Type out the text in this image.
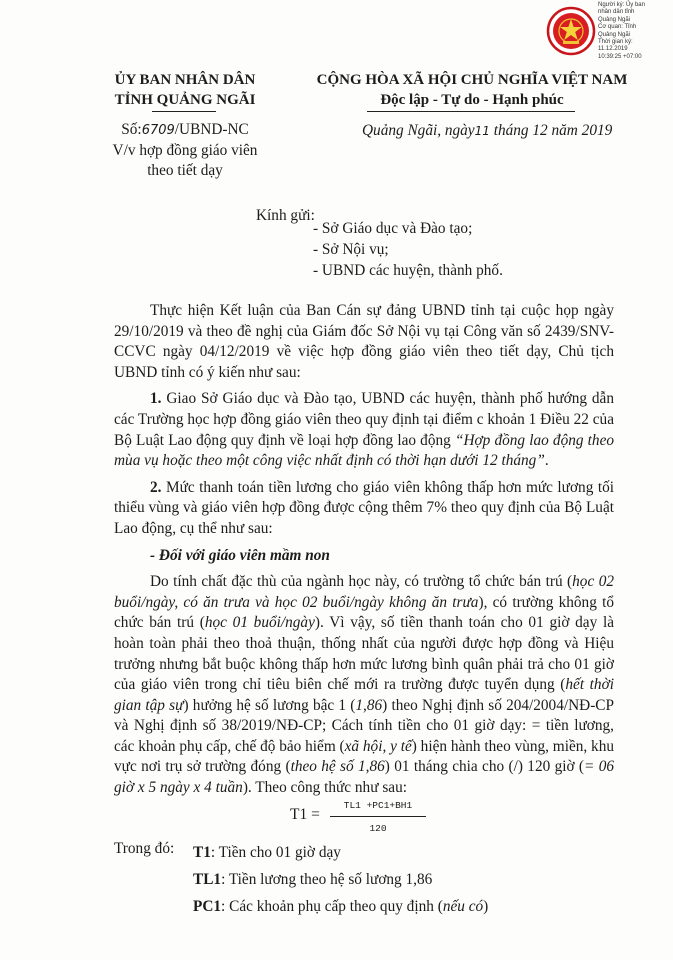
Người ký: Ủy ban
nhân dân tỉnh
Quảng Ngãi
Cơ quan: Tỉnh
Quảng Ngãi
Thời gian ký:
11.12.2019
10:39:25 +07:00
ỦY BAN NHÂN DÂN
TỈNH QUẢNG NGÃI
CỘNG HÒA XÃ HỘI CHỦ NGHĨA VIỆT NAM
Độc lập - Tự do - Hạnh phúc
Số:6709/UBND-NC
V/v hợp đồng giáo viên
theo tiết dạy
Quảng Ngãi, ngày11 tháng 12 năm 2019
Kính gửi:
- Sở Giáo dục và Đào tạo;
- Sở Nội vụ;
- UBND các huyện, thành phố.
Thực hiện Kết luận của Ban Cán sự đảng UBND tỉnh tại cuộc họp ngày 29/10/2019 và theo đề nghị của Giám đốc Sở Nội vụ tại Công văn số 2439/SNV-CCVC ngày 04/12/2019 về việc hợp đồng giáo viên theo tiết dạy, Chủ tịch UBND tỉnh có ý kiến như sau:
1. Giao Sở Giáo dục và Đào tạo, UBND các huyện, thành phố hướng dẫn các Trường học hợp đồng giáo viên theo quy định tại điểm c khoản 1 Điều 22 của Bộ Luật Lao động quy định về loại hợp đồng lao động “Hợp đồng lao động theo mùa vụ hoặc theo một công việc nhất định có thời hạn dưới 12 tháng”.
2. Mức thanh toán tiền lương cho giáo viên không thấp hơn mức lương tối thiểu vùng và giáo viên hợp đồng được cộng thêm 7% theo quy định của Bộ Luật Lao động, cụ thể như sau:
- Đối với giáo viên mầm non
Do tính chất đặc thù của ngành học này, có trường tổ chức bán trú (học 02 buổi/ngày, có ăn trưa và học 02 buổi/ngày không ăn trưa), có trường không tổ chức bán trú (học 01 buổi/ngày). Vì vậy, số tiền thanh toán cho 01 giờ dạy là hoàn toàn phải theo thoả thuận, thống nhất của người được hợp đồng và Hiệu trưởng nhưng bắt buộc không thấp hơn mức lương bình quân phải trả cho 01 giờ của giáo viên trong chỉ tiêu biên chế mới ra trường được tuyển dụng (hết thời gian tập sự) hưởng hệ số lương bậc 1 (1,86) theo Nghị định số 204/2004/NĐ-CP và Nghị định số 38/2019/NĐ-CP; Cách tính tiền cho 01 giờ dạy: = tiền lương, các khoản phụ cấp, chế độ bảo hiểm (xã hội, y tế) hiện hành theo vùng, miền, khu vực nơi trụ sở trường đóng (theo hệ số 1,86) 01 tháng chia cho (/) 120 giờ (= 06 giờ x 5 ngày x 4 tuần). Theo công thức như sau:
$T1 = \frac{TL1 +PC1+BH1}{120}$
Trong đó: T1: Tiền cho 01 giờ dạy
TL1: Tiền lương theo hệ số lương 1,86
PC1: Các khoản phụ cấp theo quy định (nếu có)
